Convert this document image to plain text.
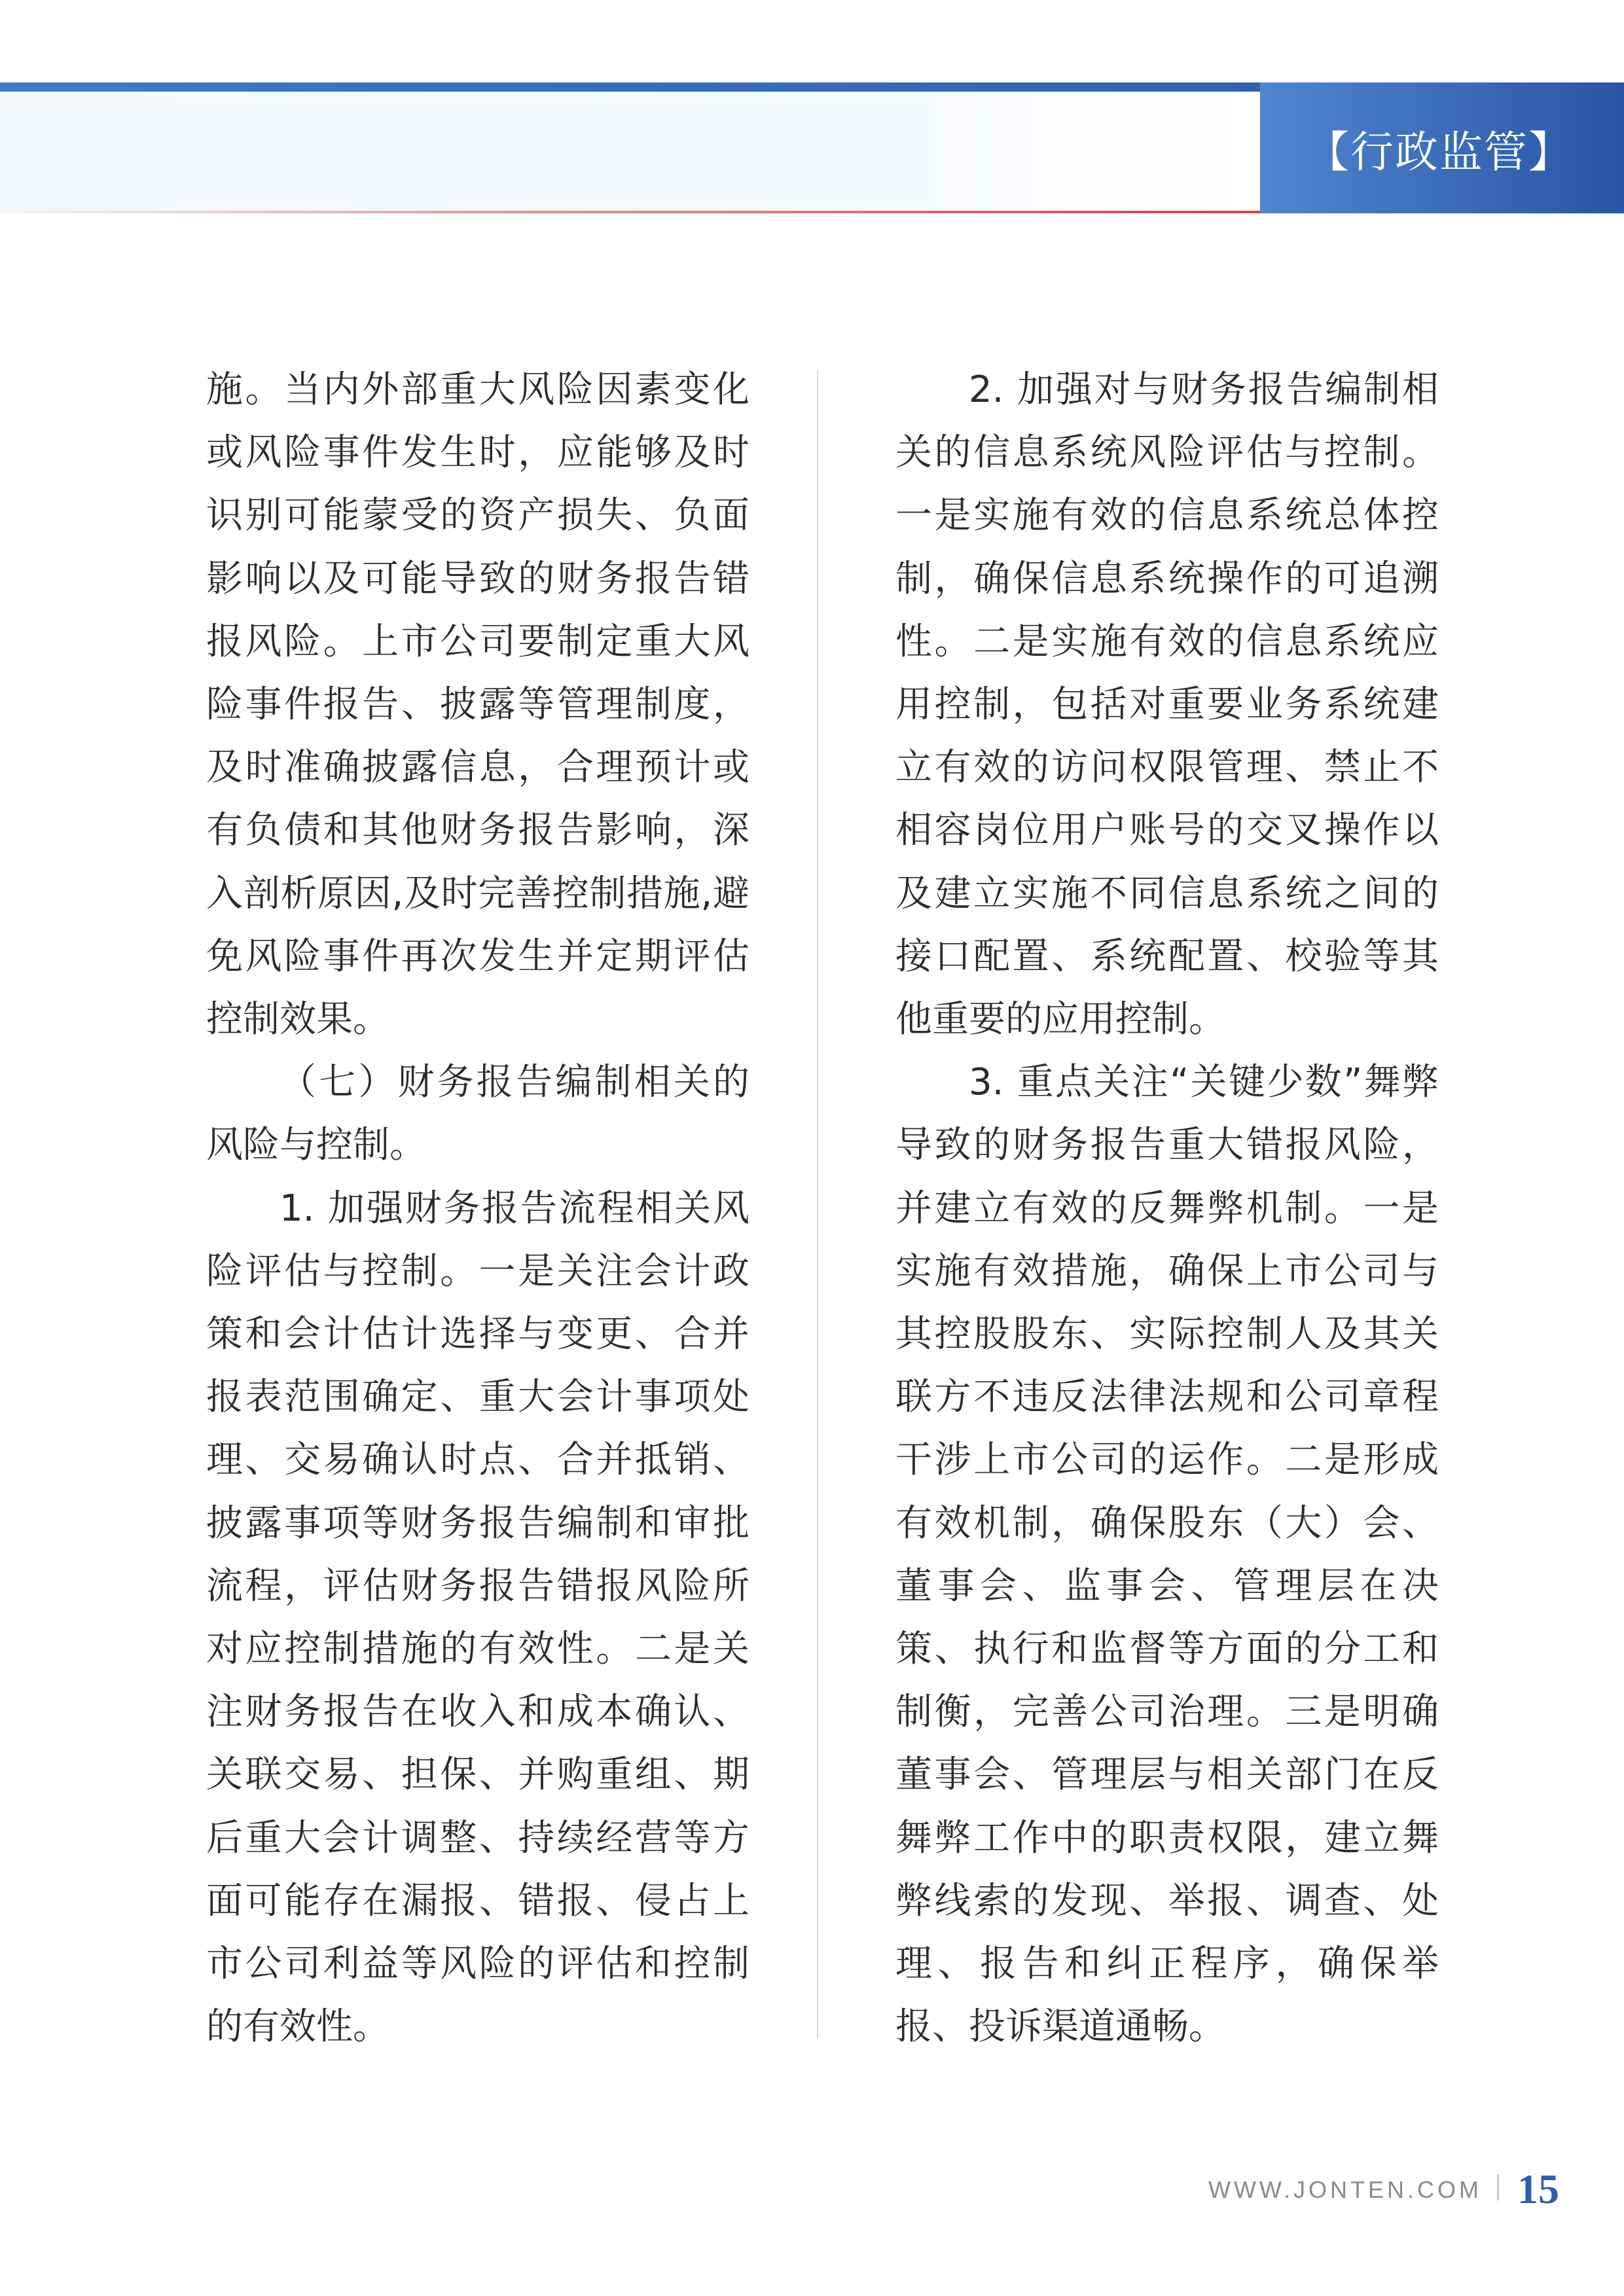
【行政监管】

施。当内外部重大风险因素变化或风险事件发生时，应能够及时识别可能蒙受的资产损失、负面影响以及可能导致的财务报告错报风险。上市公司要制定重大风险事件报告、披露等管理制度，及时准确披露信息，合理预计或有负债和其他财务报告影响，深入剖析原因,及时完善控制措施,避免风险事件再次发生并定期评估控制效果。

（七）财务报告编制相关的风险与控制。

1. 加强财务报告流程相关风险评估与控制。一是关注会计政策和会计估计选择与变更、合并报表范围确定、重大会计事项处理、交易确认时点、合并抵销、披露事项等财务报告编制和审批流程，评估财务报告错报风险所对应控制措施的有效性。二是关注财务报告在收入和成本确认、关联交易、担保、并购重组、期后重大会计调整、持续经营等方面可能存在漏报、错报、侵占上市公司利益等风险的评估和控制的有效性。

2. 加强对与财务报告编制相关的信息系统风险评估与控制。一是实施有效的信息系统总体控制，确保信息系统操作的可追溯性。二是实施有效的信息系统应用控制，包括对重要业务系统建立有效的访问权限管理、禁止不相容岗位用户账号的交叉操作以及建立实施不同信息系统之间的接口配置、系统配置、校验等其他重要的应用控制。

3. 重点关注“关键少数”舞弊导致的财务报告重大错报风险，并建立有效的反舞弊机制。一是实施有效措施，确保上市公司与其控股股东、实际控制人及其关联方不违反法律法规和公司章程干涉上市公司的运作。二是形成有效机制，确保股东（大）会、董事会、监事会、管理层在决策、执行和监督等方面的分工和制衡，完善公司治理。三是明确董事会、管理层与相关部门在反舞弊工作中的职责权限，建立舞弊线索的发现、举报、调查、处理、报告和纠正程序，确保举报、投诉渠道通畅。

WWW.JONTEN.COM 15
